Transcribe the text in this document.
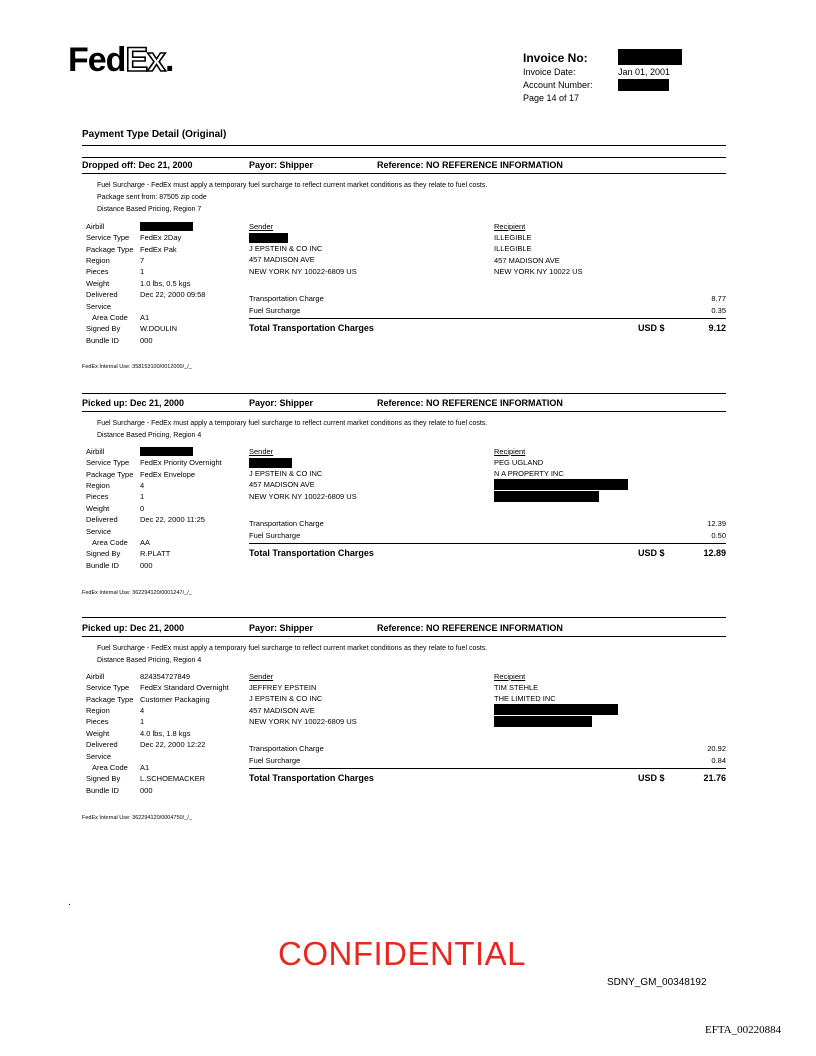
FedEx.	Invoice No:
Invoice Date:	Jan 01, 2001
Account Number:
Page 14 of 17
Payment Type Detail (Original)
Dropped off: Dec 21, 2000	Payor: Shipper	Reference: NO REFERENCE INFORMATION
Fuel Surcharge - FedEx must apply a temporary fuel surcharge to reflect current market conditions as they relate to fuel costs.
Package sent from: 87505 zip code
Distance Based Pricing, Region 7
Airbill
Service Type FedEx 2Day
Package Type FedEx Pak
Region	7
Pieces	1
Weight	1.0 lbs, 0.5 kgs
Delivered	Dec 22, 2000 09:58
Service
Area Code A1
Signed By	W.DOULIN
Bundle ID	000
Sender
J EPSTEIN & CO INC
457 MADISON AVE
NEW YORK NY 10022-6809 US
Recipient
ILLEGIBLE
ILLEGIBLE
457 MADISON AVE
NEW YORK NY 10022 US
Transportation Charge	8.77
Fuel Surcharge	0.35
Total Transportation Charges	USD $	9.12
FedEx Internal Use: 358153100/0012000/_/_
Picked up: Dec 21, 2000	Payor: Shipper	Reference: NO REFERENCE INFORMATION
Fuel Surcharge - FedEx must apply a temporary fuel surcharge to reflect current market conditions as they relate to fuel costs.
Distance Based Pricing, Region 4
Airbill
Service Type FedEx Priority Overnight
Package Type FedEx Envelope
Region	4
Pieces	1
Weight	0
Delivered	Dec 22, 2000 11:25
Service
Area Code AA
Signed By	R.PLATT
Bundle ID	000
Sender
J EPSTEIN & CO INC
457 MADISON AVE
NEW YORK NY 10022-6809 US
Recipient
PEG UGLAND
N A PROPERTY INC
Transportation Charge	12.39
Fuel Surcharge	0.50
Total Transportation Charges	USD $	12.89
FedEx Internal Use: 362294120/0001247/_/_
Picked up: Dec 21, 2000	Payor: Shipper	Reference: NO REFERENCE INFORMATION
Fuel Surcharge - FedEx must apply a temporary fuel surcharge to reflect current market conditions as they relate to fuel costs.
Distance Based Pricing, Region 4
Airbill	824354727849
Service Type FedEx Standard Overnight
Package Type Customer Packaging
Region	4
Pieces	1
Weight	4.0 lbs, 1.8 kgs
Delivered	Dec 22, 2000 12:22
Service
Area Code A1
Signed By	L.SCHOEMACKER
Bundle ID	000
Sender
JEFFREY EPSTEIN
J EPSTEIN & CO INC
457 MADISON AVE
NEW YORK NY 10022-6809 US
Recipient
TIM STEHLE
THE LIMITED INC
Transportation Charge	20.92
Fuel Surcharge	0.84
Total Transportation Charges	USD $	21.76
FedEx Internal Use: 362294120/0004750/_/_
.
CONFIDENTIAL
SDNY_GM_00348192
EFTA_00220884
